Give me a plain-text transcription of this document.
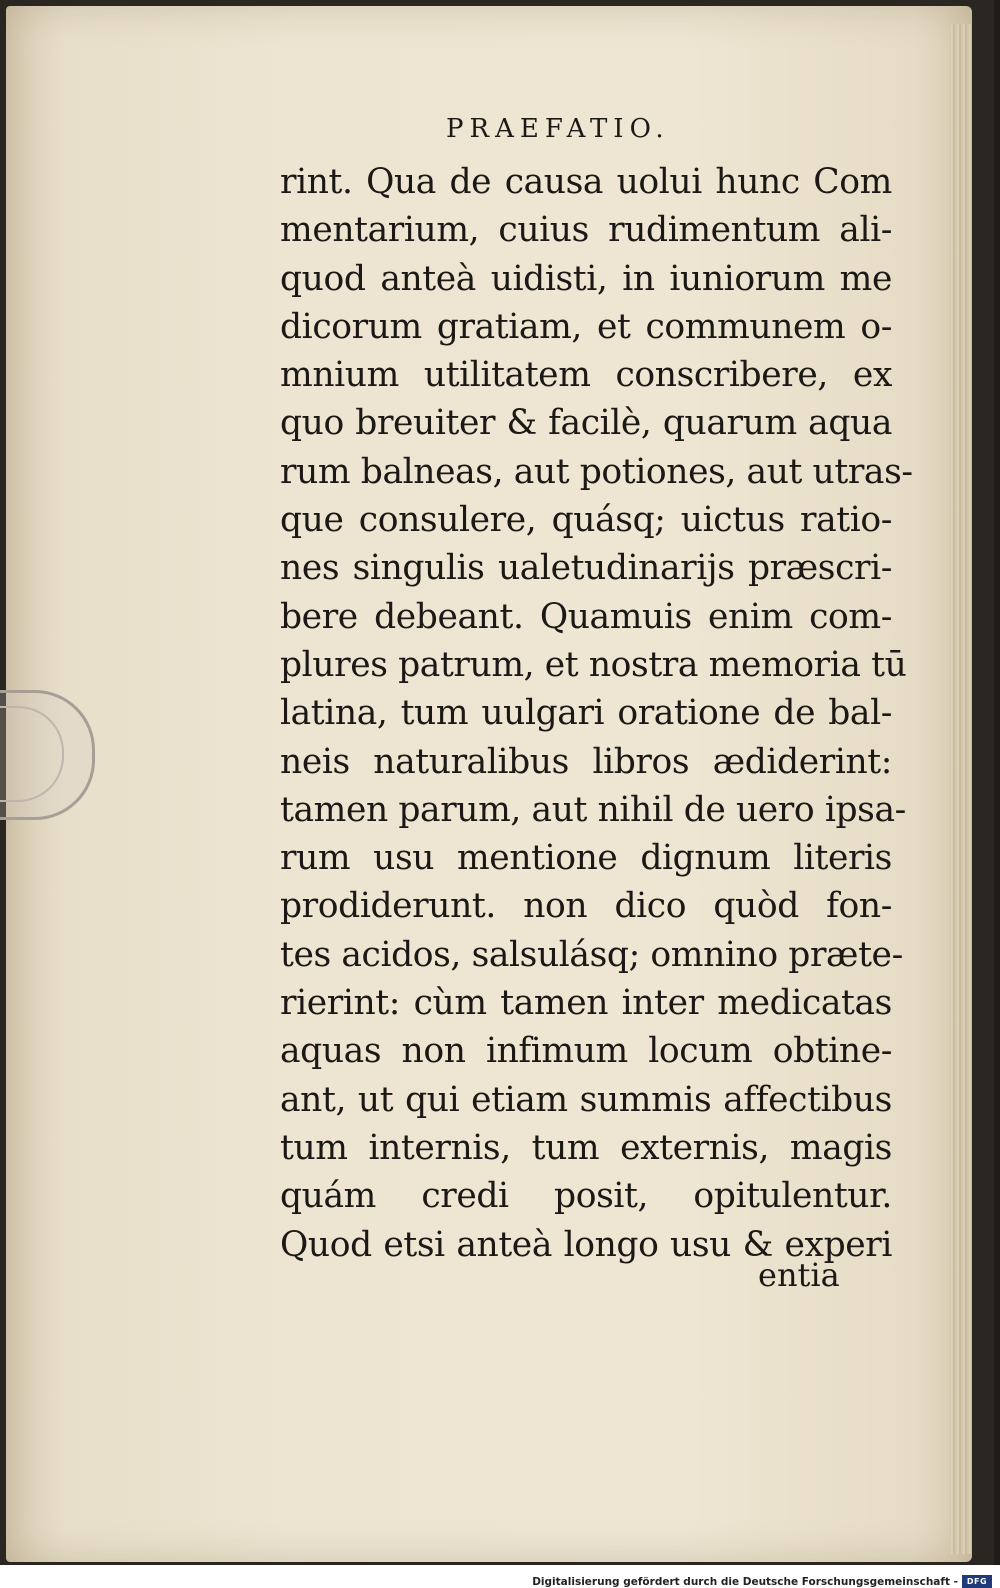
PRAEFATIO.
rint. Qua de causa uolui hunc Com
mentarium, cuius rudimentum ali-
quod anteà uidisti, in iuniorum me
dicorum gratiam, et communem o-
mnium utilitatem conscribere, ex
quo breuiter & facilè, quarum aqua
rum balneas, aut potiones, aut utras-
que consulere, quásq; uictus ratio-
nes singulis ualetudinarijs præscri-
bere debeant. Quamuis enim com-
plures patrum, et nostra memoria tū
latina, tum uulgari oratione de bal-
neis naturalibus libros ædiderint:
tamen parum, aut nihil de uero ipsa-
rum usu mentione dignum literis
prodiderunt. non dico quòd fon-
tes acidos, salsulásq; omnino præte-
rierint: cùm tamen inter medicatas
aquas non infimum locum obtine-
ant, ut qui etiam summis affectibus
tum internis, tum externis, magis
quám credi posit, opitulentur.
Quod etsi anteà longo usu & experi
entia
Digitalisierung gefördert durch die Deutsche Forschungsgemeinschaft -	DFG
